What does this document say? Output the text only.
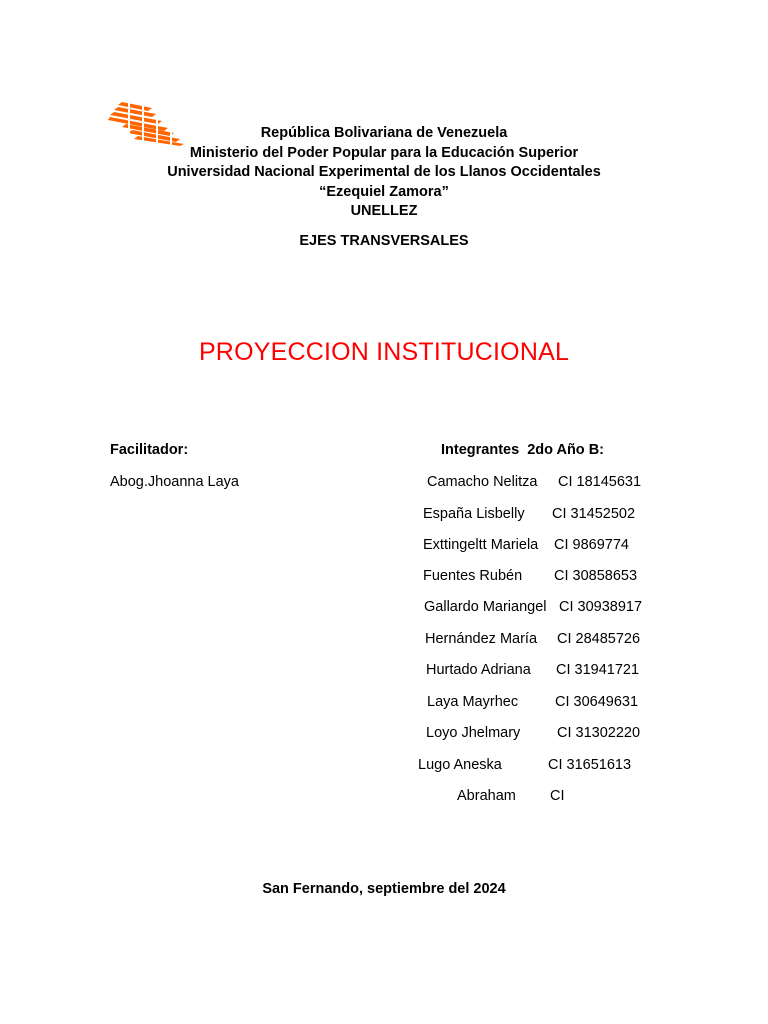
República Bolivariana de Venezuela
Ministerio del Poder Popular para la Educación Superior
Universidad Nacional Experimental de los Llanos Occidentales
“Ezequiel Zamora”
UNELLEZ
EJES TRANSVERSALES
PROYECCION INSTITUCIONAL
Facilitador:
Abog.Jhoanna Laya
Integrantes  2do Año B:
Camacho Nelitza CI 18145631
España Lisbelly CI 31452502
Exttingeltt Mariela CI 9869774
Fuentes Rubén CI 30858653
Gallardo Mariangel CI 30938917
Hernández María CI 28485726
Hurtado Adriana CI 31941721
Laya Mayrhec	CI 30649631
Loyo Jhelmary	CI 31302220
Lugo Aneska	CI 31651613
Abraham CI
San Fernando, septiembre del 2024
